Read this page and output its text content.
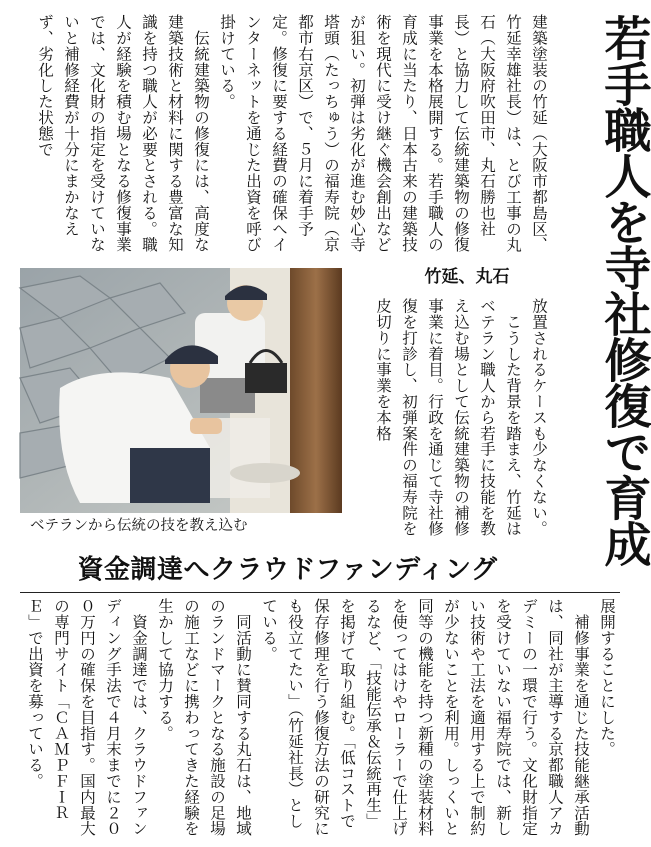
若手職人を寺社修復で育成

建築塗装の竹延（大阪市都島区、竹延幸雄社長）は、とび工事の丸石（大阪府吹田市、丸石勝也社長）と協力して伝統建築物の修復事業を本格展開する。若手職人の育成に当たり、日本古来の建築技術を現代に受け継ぐ機会創出などが狙い。初弾は劣化が進む妙心寺塔頭（たっちゅう）の福寿院（京都市右京区）で、５月に着手予定。修復に要する経費の確保へインターネットを通じた出資を呼び掛けている。
　伝統建築物の修復には、高度な建築技術と材料に関する豊富な知識を持つ職人が必要とされる。職人が経験を積む場となる修復事業では、文化財の指定を受けていないと補修経費が十分にまかなえず、劣化した状態で

竹延、丸石
ベテランから伝統の技を教え込む	放置されるケースも少なくない。
　こうした背景を踏まえ、竹延はベテラン職人から若手に技能を教え込む場として伝統建築物の補修事業に着目。行政を通じて寺社修復を打診し、初弾案件の福寿院を皮切りに事業を本格

資金調達へクラウドファンディング

展開することにした。
　補修事業を通じた技能継承活動は、同社が主導する京都職人アカデミーの一環で行う。文化財指定を受けていない福寿院では、新しい技術や工法を適用する上で制約が少ないことを利用。しっくいと同等の機能を持つ新種の塗装材料を使ってはけやローラーで仕上げるなど、「技能伝承＆伝統再生」を掲げて取り組む。「低コストで保存修理を行う修復方法の研究にも役立てたい」（竹延社長）としている。
　同活動に賛同する丸石は、地域のランドマークとなる施設の足場の施工などに携わってきた経験を生かして協力する。
　資金調達では、クラウドファンディング手法で４月末までに２００万円の確保を目指す。国内最大の専門サイト「ＣＡＭＰＦＩＲＥ」で出資を募っている。
